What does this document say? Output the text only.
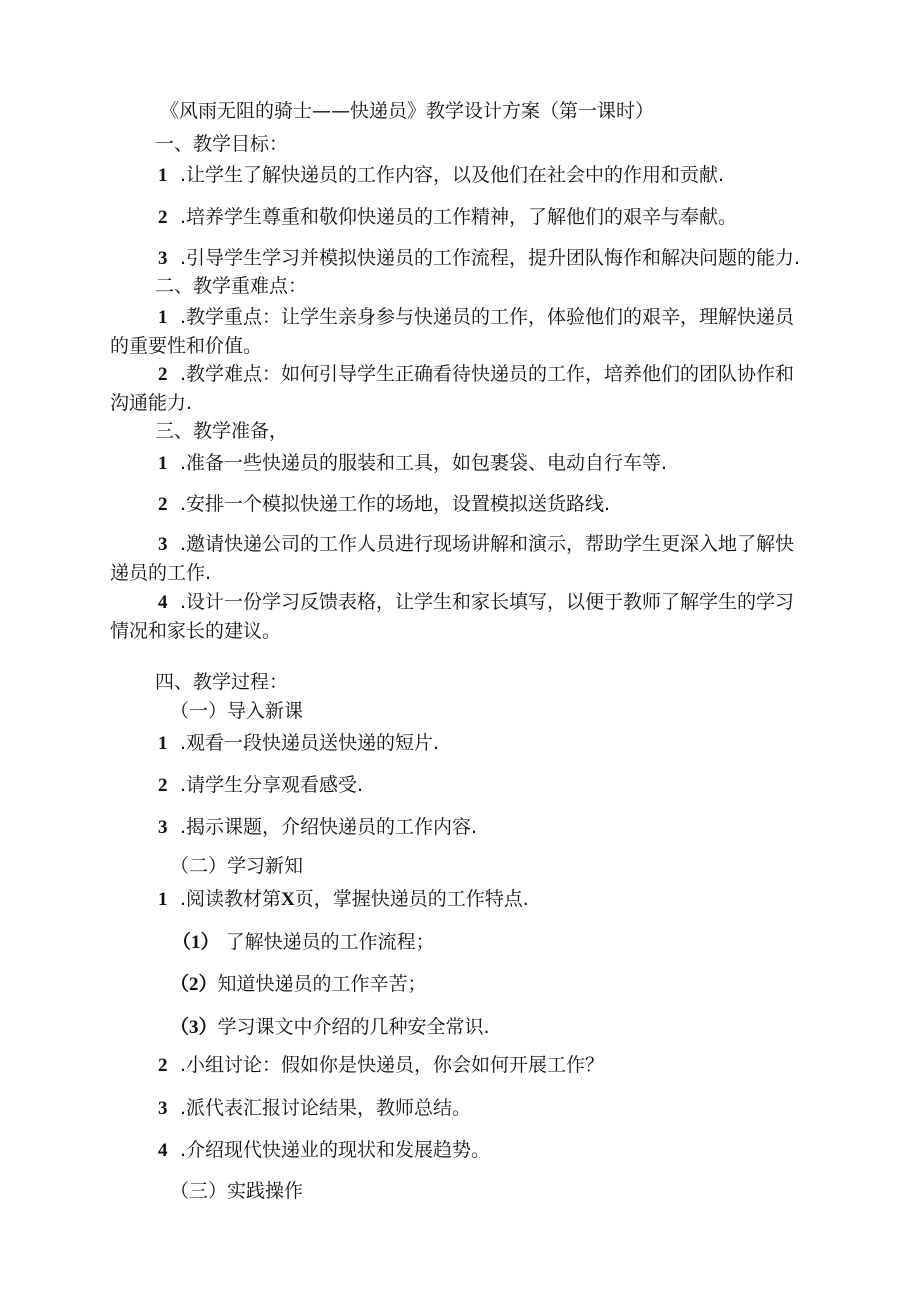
《风雨无阻的骑士——快递员》教学设计方案（第一课时）
一、教学目标：
1 .让学生了解快递员的工作内容，以及他们在社会中的作用和贡献.
2 .培养学生尊重和敬仰快递员的工作精神，了解他们的艰辛与奉献。
3 .引导学生学习并模拟快递员的工作流程，提升团队悔作和解决问题的能力.
二、教学重难点：
1 .教学重点：让学生亲身参与快递员的工作，体验他们的艰辛，理解快递员
的重要性和价值。
2 .教学难点：如何引导学生正确看待快递员的工作，培养他们的团队协作和
沟通能力.
三、教学准备，
1 .准备一些快递员的服装和工具，如包裹袋、电动自行车等.
2 .安排一个模拟快递工作的场地，设置模拟送货路线.
3 .邀请快递公司的工作人员进行现场讲解和演示，帮助学生更深入地了解快
递员的工作.
4 .设计一份学习反馈表格，让学生和家长填写，以便于教师了解学生的学习
情况和家长的建议。
四、教学过程：
（一）导入新课
1 .观看一段快递员送快递的短片.
2 .请学生分享观看感受.
3 .揭示课题，介绍快递员的工作内容.
（二）学习新知
1 .阅读教材第X页，掌握快递员的工作特点.
（1） 了解快递员的工作流程；
（2）知道快递员的工作辛苦；
（3）学习课文中介绍的几种安全常识.
2 .小组讨论：假如你是快递员，你会如何开展工作？
3 .派代表汇报讨论结果，教师总结。
4 .介绍现代快递业的现状和发展趋势。
（三）实践操作
